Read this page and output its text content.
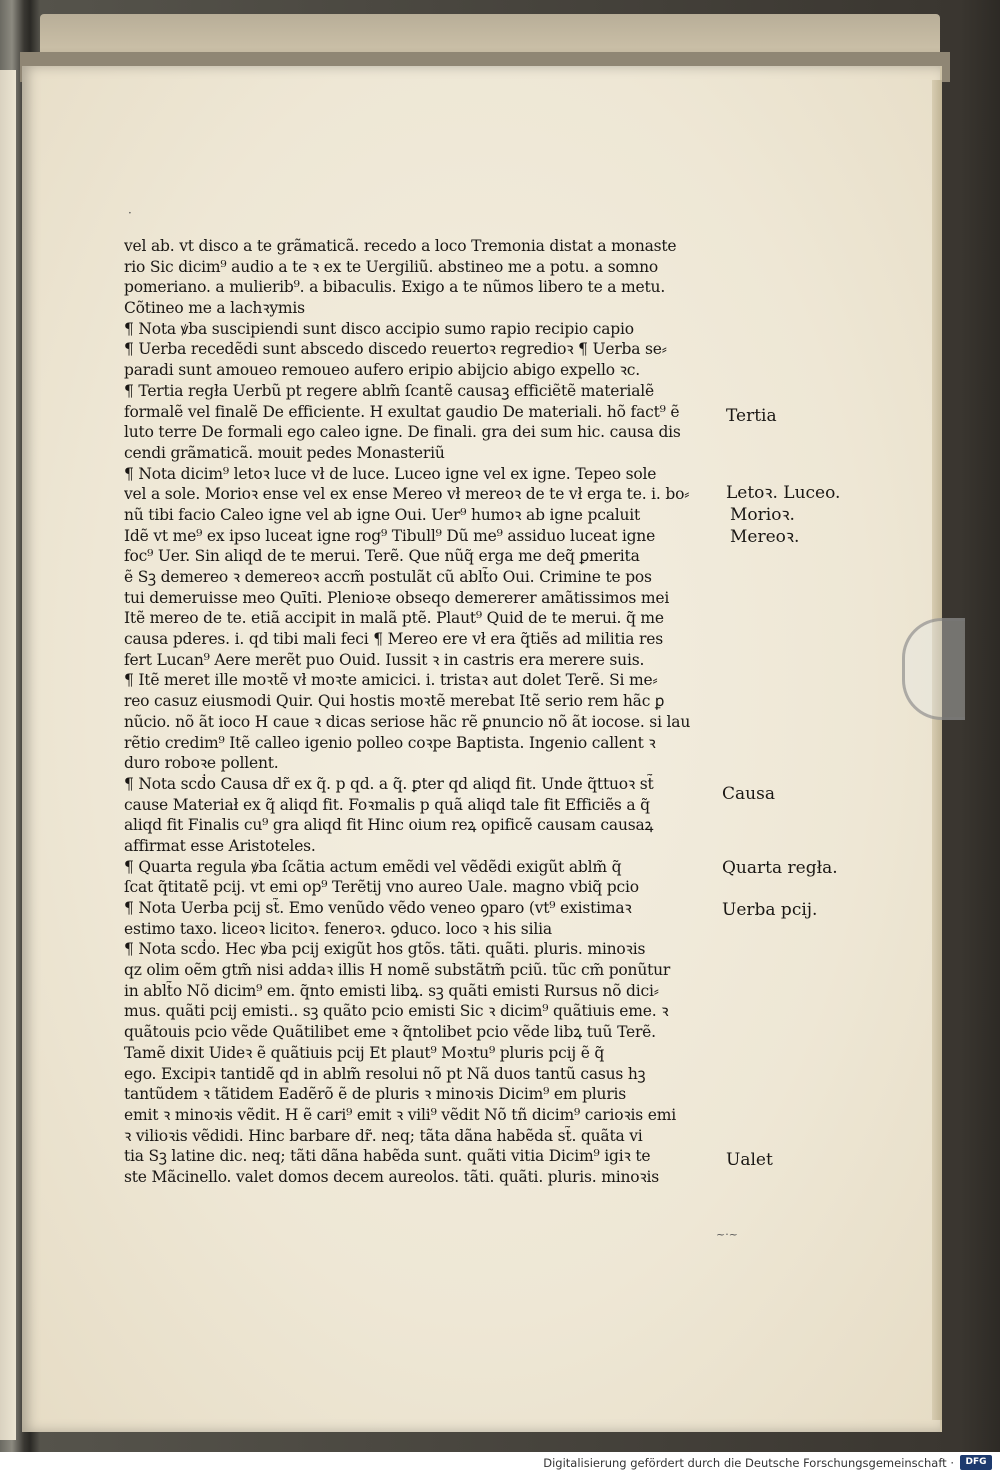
·
vel ab. vt disco a te grãmaticã. recedo a loco Tremonia distat a monaste
rio Sic dicim⁹ audio a te ꝛ ex te Uergiliũ. abstineo me a potu. a somno
pomeriano. a mulierib⁹. a bibaculis. Exigo a te nũmos libero te a metu.
Cõtineo me a lachꝛymis
¶ Nota ꝟba suscipiendi sunt disco accipio sumo rapio recipio capio
¶ Uerba recedẽdi sunt abscedo discedo reuertoꝛ regredioꝛ ¶ Uerba se⸗
paradi sunt amoueo remoueo aufero eripio abijcio abigo expello ꝛc.
¶ Tertia regła Uerbũ pt regere ablm̃ ſcantẽ causaꝫ efficiẽtẽ materialẽ
formalẽ vel finalẽ De efficiente. H exultat gaudio De materiali. hõ fact⁹ ẽ
luto terre De formali ego caleo igne. De finali. gra dei sum hic. causa dis
cendi grãmaticã. mouit pedes Monasteriũ
¶ Nota dicim⁹ letoꝛ luce vł de luce. Luceo igne vel ex igne. Tepeo sole
vel a sole. Morioꝛ ense vel ex ense Mereo vł mereoꝛ de te vł erga te. i. bo⸗
nũ tibi facio Caleo igne vel ab igne Oui. Uer⁹ humoꝛ ab igne pcaluit
Idẽ vt me⁹ ex ipso luceat igne rog⁹ Tibull⁹ Dũ me⁹ assiduo luceat igne
foc⁹ Uer. Sin aliqd de te merui. Terẽ. Que nũq̃ erga me deq̃ ꝑmerita
ẽ Sꝫ demereo ꝛ demereoꝛ accm̃ postulãt cũ ablt̃o Oui. Crimine te pos
tui demeruisse meo Quīti. Plenioꝛe obseqo demererer amãtissimos mei
Itẽ mereo de te. etiã accipit in malã ptẽ. Plaut⁹ Quid de te merui. q̃ me
causa pderes. i. qd tibi mali feci ¶ Mereo ere vł era q̃tiẽs ad militia res
fert Lucan⁹ Aere merẽt puo Ouid. Iussit ꝛ in castris era merere suis.
¶ Itẽ meret ille moꝛtẽ vł moꝛte amicici. i. tristaꝛ aut dolet Terẽ. Si me⸗
reo casuz eiusmodi Quir. Qui hostis moꝛtẽ merebat Itẽ serio rem hãc ꝑ
nũcio. nõ ãt ioco H caue ꝛ dicas seriose hãc rẽ ꝑnuncio nõ ãt iocose. si lau
rẽtio credim⁹ Itẽ calleo igenio polleo coꝛpe Baptista. Ingenio callent ꝛ
duro roboꝛe pollent.
¶ Nota scḋo Causa dr̃ ex q̃. p qd. a q̃. ꝑter qd aliqd fit. Unde q̃ttuoꝛ st̃
cause Materiał ex q̃ aliqd fit. Foꝛmalis p quã aliqd tale fit Efficiẽs a q̃
aliqd fit Finalis cu⁹ gra aliqd fit Hinc oium reꝝ opificẽ causam causaꝝ
affirmat esse Aristoteles.
¶ Quarta regula ꝟba ſcãtia actum emẽdi vel vẽdẽdi exigũt ablm̃ q̃
ſcat q̃titatẽ pcij. vt emi op⁹ Terẽtij vno aureo Uale. magno vbiq̃ pcio
¶ Nota Uerba pcij st̃. Emo venũdo vẽdo veneo ꝯparo (vt⁹ existimaꝛ
estimo taxo. liceoꝛ licitoꝛ. feneroꝛ. ꝯduco. loco ꝛ his silia
¶ Nota scḋo. Hec ꝟba pcij exigũt hos gtõs. tãti. quãti. pluris. minoꝛis
qz olim oẽm gtm̃ nisi addaꝛ illis H nomẽ substãtm̃ pciũ. tũc cm̃ ponũtur
in ablt̃o Nõ dicim⁹ em. q̃nto emisti libꝝ. sꝫ quãti emisti Rursus nõ dici⸗
mus. quãti pcij emisti.. sꝫ quãto pcio emisti Sic ꝛ dicim⁹ quãtiuis eme. ꝛ
quãtouis pcio vẽde Quãtilibet eme ꝛ q̃ntolibet pcio vẽde libꝝ tuũ Terẽ.
Tamẽ dixit Uideꝛ ẽ quãtiuis pcij Et plaut⁹ Moꝛtu⁹ pluris pcij ẽ q̃
ego. Excipiꝛ tantidẽ qd in ablm̃ resolui nõ pt Nã duos tantũ casus hꝫ
tantũdem ꝛ tãtidem Eadẽrõ ẽ de pluris ꝛ minoꝛis Dicim⁹ em pluris
emit ꝛ minoꝛis vẽdit. H ẽ cari⁹ emit ꝛ vili⁹ vẽdit Nõ tñ dicim⁹ carioꝛis emi
ꝛ vilioꝛis vẽdidi. Hinc barbare dr̃. neq; tãta dãna habẽda st̃. quãta vi
tia Sꝫ latine dic. neq; tãti dãna habẽda sunt. quãti vitia Dicim⁹ igiꝛ te
ste Mãcinello. valet domos decem aureolos. tãti. quãti. pluris. minoꝛis
Tertia
Letoꝛ. Luceo.
Morioꝛ.
Mereoꝛ.
Causa
Quarta regła.
Uerba pcij.
Ualet
~·~
Digitalisierung gefördert durch die Deutsche Forschungsgemeinschaft ·	DFG
